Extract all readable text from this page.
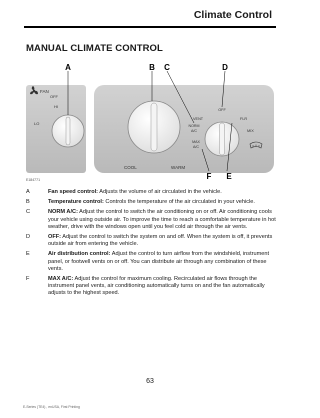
Climate Control
MANUAL CLIMATE CONTROL
FAN
OFF
HI
LO
COOL	WARM
OFF
VENT	FLR
NORM
A/C	MIX
MAX
A/C
A	B C	D
E
F
E184771
A	Fan speed control: Adjusts the volume of air circulated in the vehicle.
B	Temperature control: Controls the temperature of the air circulated in your vehicle.
C	NORM A/C: Adjust the control to switch the air conditioning on or off. Air conditioning cools your vehicle using outside air. To improve the time to reach a comfortable temperature in hot weather, drive with the windows open until you feel cold air through the air vents.
D	OFF: Adjust the control to switch the system on and off. When the system is off, it prevents outside air from entering the vehicle.
E	Air distribution control: Adjust the control to turn airflow from the windshield, instrument panel, or footwell vents on or off. You can distribute air through any combination of these vents.
F	MAX A/C: Adjust the control for maximum cooling. Recirculated air flows through the instrument panel vents, air conditioning automatically turns on and the fan automatically adjusts to the highest speed.
63
E-Series (TE4) , enUSA, First Printing
